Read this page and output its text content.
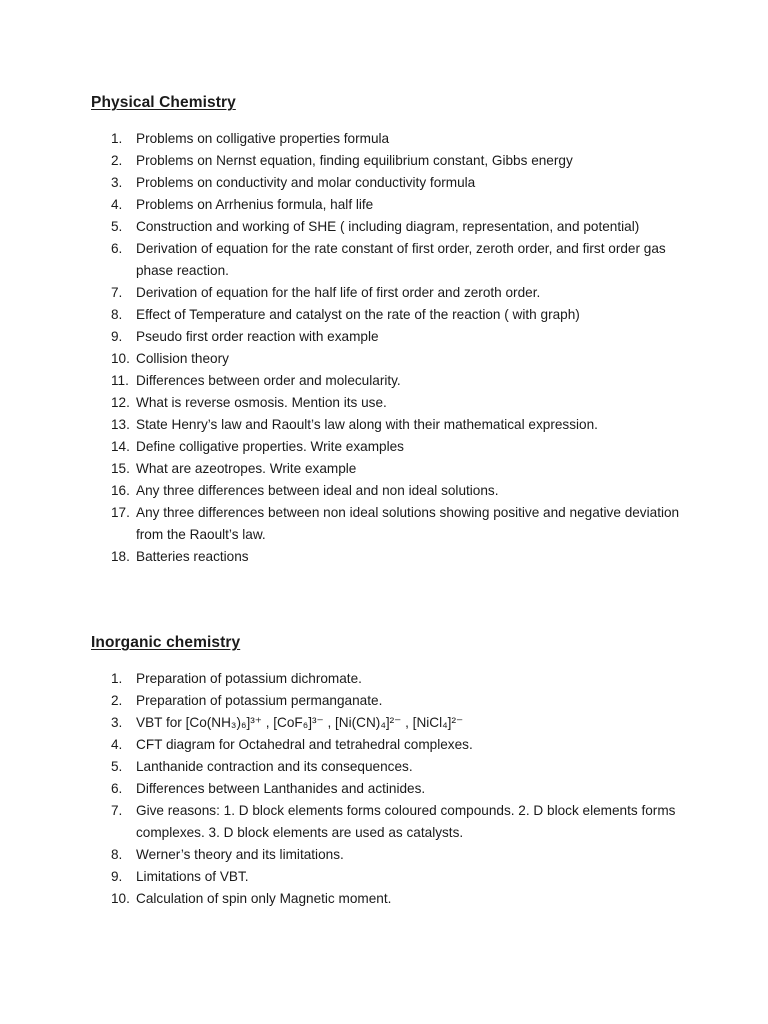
Physical Chemistry
1.	Problems on colligative properties formula
2.	Problems on Nernst equation, finding equilibrium constant, Gibbs energy
3.	Problems on conductivity and molar conductivity formula
4.	Problems on Arrhenius formula, half life
5.	Construction and working of SHE ( including diagram, representation, and potential)
6.	Derivation of equation for the rate constant of first order, zeroth order, and first order gas phase reaction.
7.	Derivation of equation for the half life of first order and zeroth order.
8.	Effect of Temperature and catalyst on the rate of the reaction ( with graph)
9.	Pseudo first order reaction with example
10. Collision theory
11. Differences between order and molecularity.
12. What is reverse osmosis. Mention its use.
13. State Henry’s law and Raoult’s law along with their mathematical expression.
14. Define colligative properties. Write examples
15. What are azeotropes. Write example
16. Any three differences between ideal and non ideal solutions.
17. Any three differences between non ideal solutions showing positive and negative deviation from the Raoult’s law.
18. Batteries reactions
Inorganic chemistry
1.	Preparation of potassium dichromate.
2.	Preparation of potassium permanganate.
3.	VBT for [Co(NH₃)₆]³⁺ , [CoF₆]³⁻ , [Ni(CN)₄]²⁻ , [NiCl₄]²⁻
4.	CFT diagram for Octahedral and tetrahedral complexes.
5.	Lanthanide contraction and its consequences.
6.	Differences between Lanthanides and actinides.
7.	Give reasons: 1. D block elements forms coloured compounds. 2. D block elements forms complexes. 3. D block elements are used as catalysts.
8.	Werner’s theory and its limitations.
9.	Limitations of VBT.
10. Calculation of spin only Magnetic moment.
